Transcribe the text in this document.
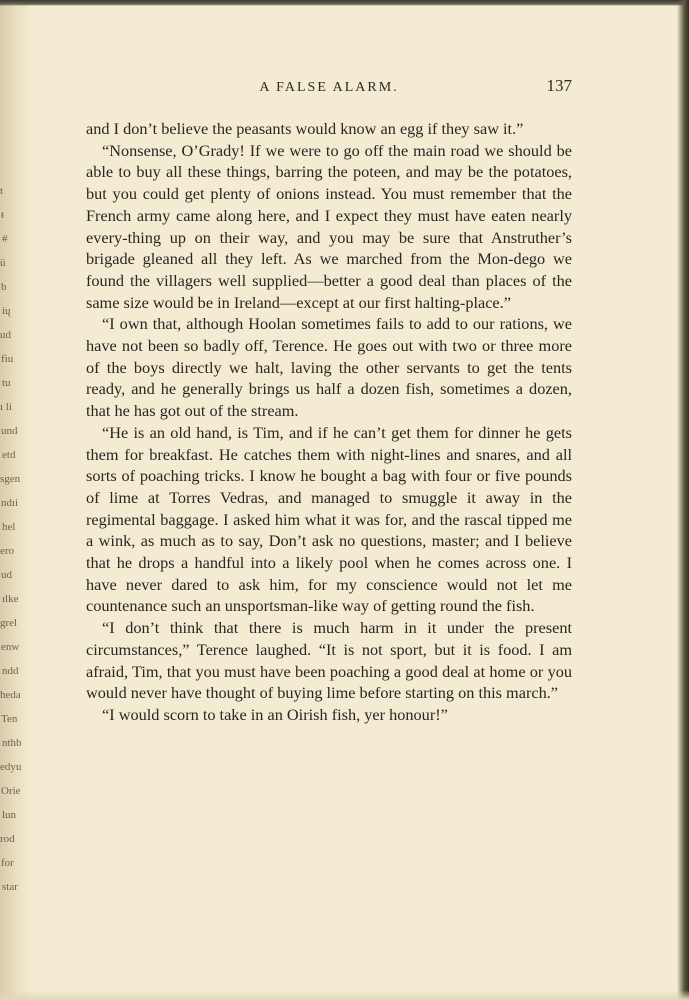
t
ŧ
#
ü
b
ių
ud
fiu
tu
ı li
und
etd
sgen
ndıi
hel
ero
ud
ılke
grel
enw
ndd
heda
Ten
nthb
edyu
Orie
lun
rod
for
star
A FALSE ALARM.	137

and I don’t believe the peasants would know an egg if they saw it.”

“Nonsense, O’Grady! If we were to go off the main road we should be able to buy all these things, barring the poteen, and may be the potatoes, but you could get plenty of onions instead. You must remember that the French army came along here, and I expect they must have eaten nearly every-thing up on their way, and you may be sure that Anstruther’s brigade gleaned all they left. As we marched from the Mon-dego we found the villagers well supplied—better a good deal than places of the same size would be in Ireland—except at our first halting-place.”

“I own that, although Hoolan sometimes fails to add to our rations, we have not been so badly off, Terence. He goes out with two or three more of the boys directly we halt, laving the other servants to get the tents ready, and he generally brings us half a dozen fish, sometimes a dozen, that he has got out of the stream.

“He is an old hand, is Tim, and if he can’t get them for dinner he gets them for breakfast. He catches them with night-lines and snares, and all sorts of poaching tricks. I know he bought a bag with four or five pounds of lime at Torres Vedras, and managed to smuggle it away in the regimental baggage. I asked him what it was for, and the rascal tipped me a wink, as much as to say, Don’t ask no questions, master; and I believe that he drops a handful into a likely pool when he comes across one. I have never dared to ask him, for my conscience would not let me countenance such an unsportsman-like way of getting round the fish.

“I don’t think that there is much harm in it under the present circumstances,” Terence laughed. “It is not sport, but it is food. I am afraid, Tim, that you must have been poaching a good deal at home or you would never have thought of buying lime before starting on this march.”

“I would scorn to take in an Oirish fish, yer honour!”
